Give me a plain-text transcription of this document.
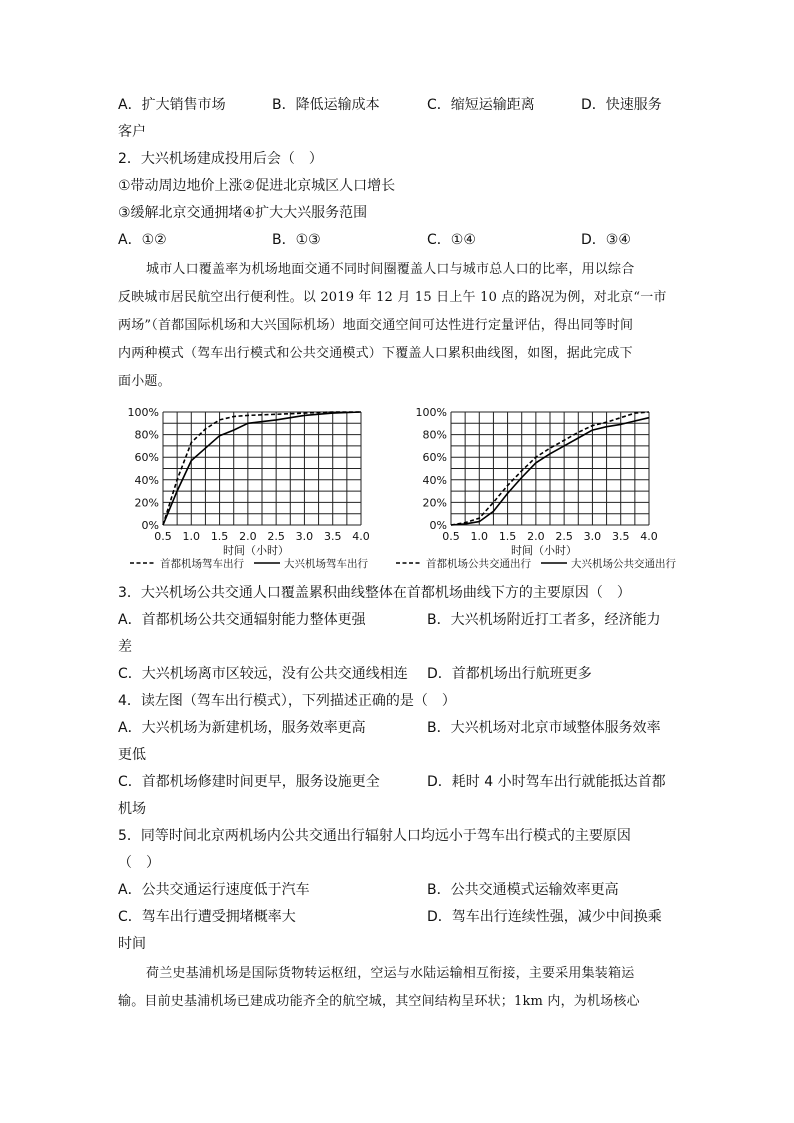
A．扩大销售市场	B．降低运输成本	C．缩短运输距离	D．快速服务
客户
2．大兴机场建成投用后会（　）
①带动周边地价上涨②促进北京城区人口增长
③缓解北京交通拥堵④扩大大兴服务范围
A．①②	B．①③	C．①④	D．③④
城市人口覆盖率为机场地面交通不同时间圈覆盖人口与城市总人口的比率，用以综合
反映城市居民航空出行便利性。以 2019 年 12 月 15 日上午 10 点的路况为例，对北京“一市
两场”（首都国际机场和大兴国际机场）地面交通空间可达性进行定量评估，得出同等时间
内两种模式（驾车出行模式和公共交通模式）下覆盖人口累积曲线图，如图，据此完成下
面小题。
0%
20%
40%
60%
80%
100%
0.5 1.0 1.5 2.0 2.5 3.0 3.5 4.0
时间（小时）
首都机场驾车出行	大兴机场驾车出行
0%
20%
40%
60%
80%
100%
0.5 1.0 1.5 2.0 2.5 3.0 3.5 4.0
时间（小时）
首都机场公共交通出行	大兴机场公共交通出行
3．大兴机场公共交通人口覆盖累积曲线整体在首都机场曲线下方的主要原因（　）
A．首都机场公共交通辐射能力整体更强	B．大兴机场附近打工者多，经济能力
差
C．大兴机场离市区较远，没有公共交通线相连 D．首都机场出行航班更多
4．读左图（驾车出行模式），下列描述正确的是（　）
A．大兴机场为新建机场，服务效率更高	B．大兴机场对北京市域整体服务效率
更低
C．首都机场修建时间更早，服务设施更全	D．耗时 4 小时驾车出行就能抵达首都
机场
5．同等时间北京两机场内公共交通出行辐射人口均远小于驾车出行模式的主要原因
（　）
A．公共交通运行速度低于汽车	B．公共交通模式运输效率更高
C．驾车出行遭受拥堵概率大	D．驾车出行连续性强，减少中间换乘
时间
荷兰史基浦机场是国际货物转运枢纽，空运与水陆运输相互衔接，主要采用集装箱运
输。目前史基浦机场已建成功能齐全的航空城，其空间结构呈环状；1km 内，为机场核心
